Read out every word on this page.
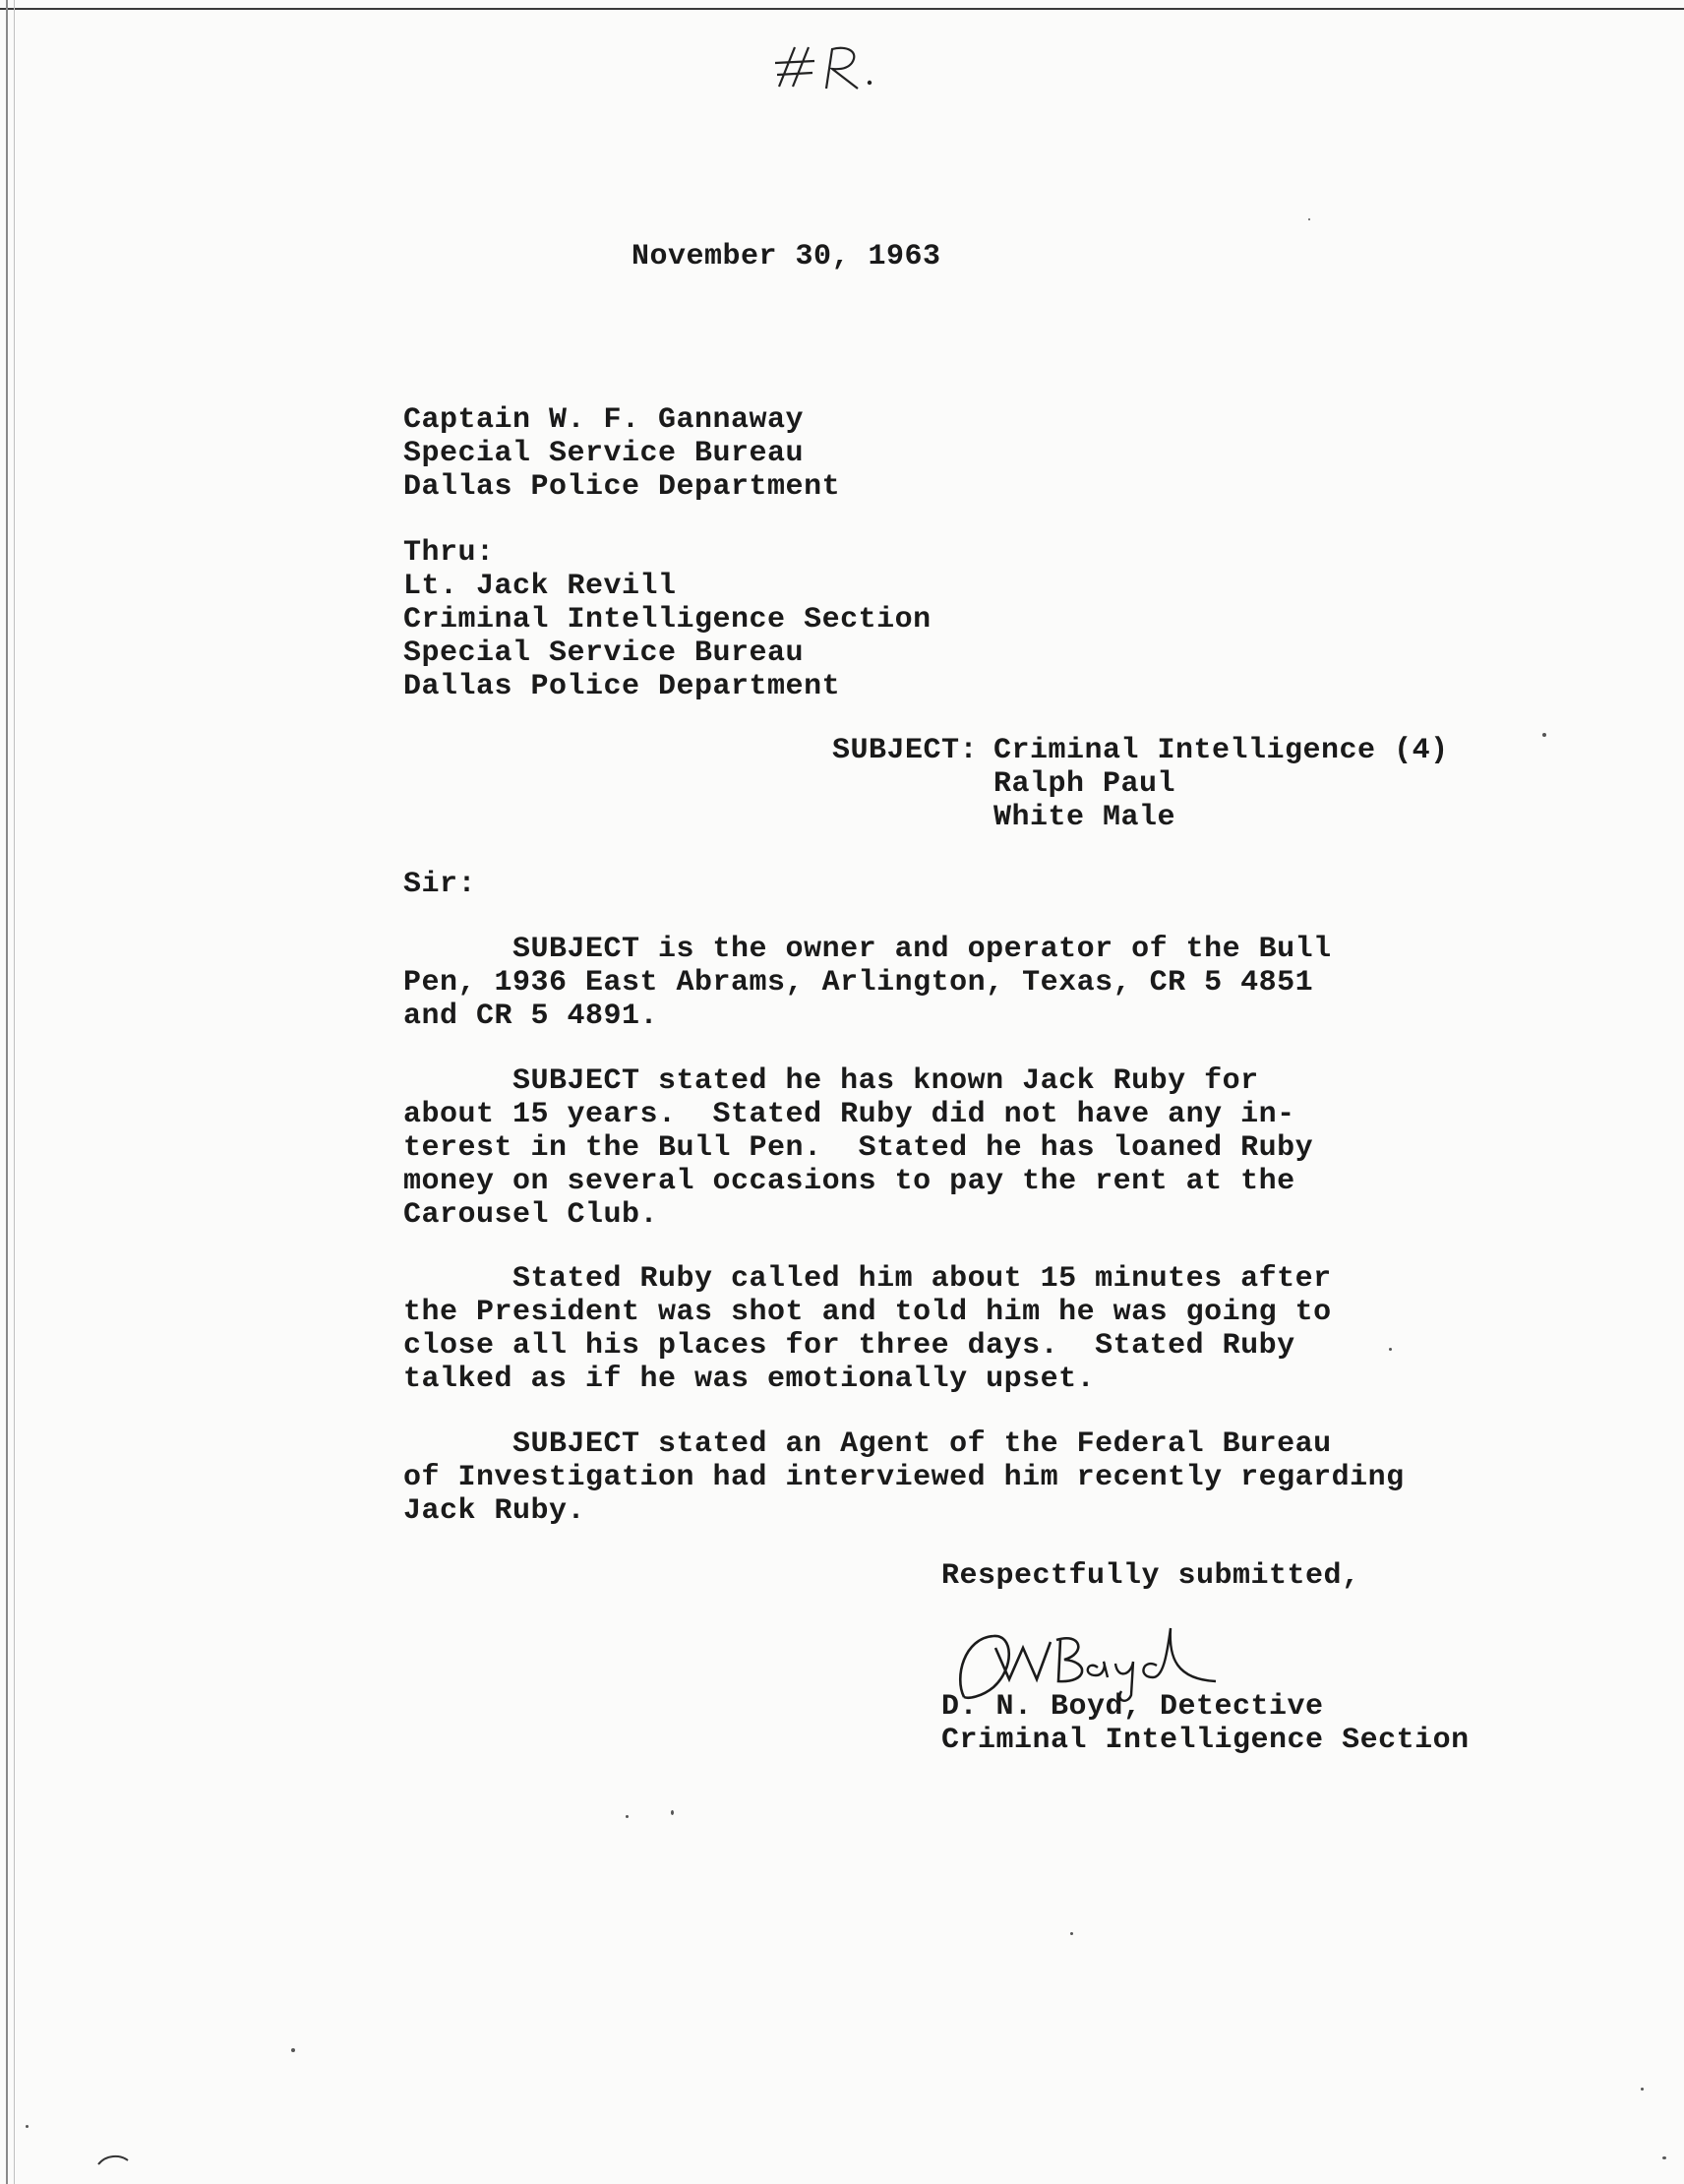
November 30, 1963
Captain W. F. Gannaway
Special Service Bureau
Dallas Police Department
Thru:
Lt. Jack Revill
Criminal Intelligence Section
Special Service Bureau
Dallas Police Department
SUBJECT: Criminal Intelligence (4)
Ralph Paul
White Male
Sir:
SUBJECT is the owner and operator of the Bull
Pen, 1936 East Abrams, Arlington, Texas, CR 5 4851
and CR 5 4891.
SUBJECT stated he has known Jack Ruby for
about 15 years.  Stated Ruby did not have any in-
terest in the Bull Pen.  Stated he has loaned Ruby
money on several occasions to pay the rent at the
Carousel Club.
Stated Ruby called him about 15 minutes after
the President was shot and told him he was going to
close all his places for three days.  Stated Ruby
talked as if he was emotionally upset.
SUBJECT stated an Agent of the Federal Bureau
of Investigation had interviewed him recently regarding
Jack Ruby.
Respectfully submitted,
D. N. Boyd, Detective
Criminal Intelligence Section
